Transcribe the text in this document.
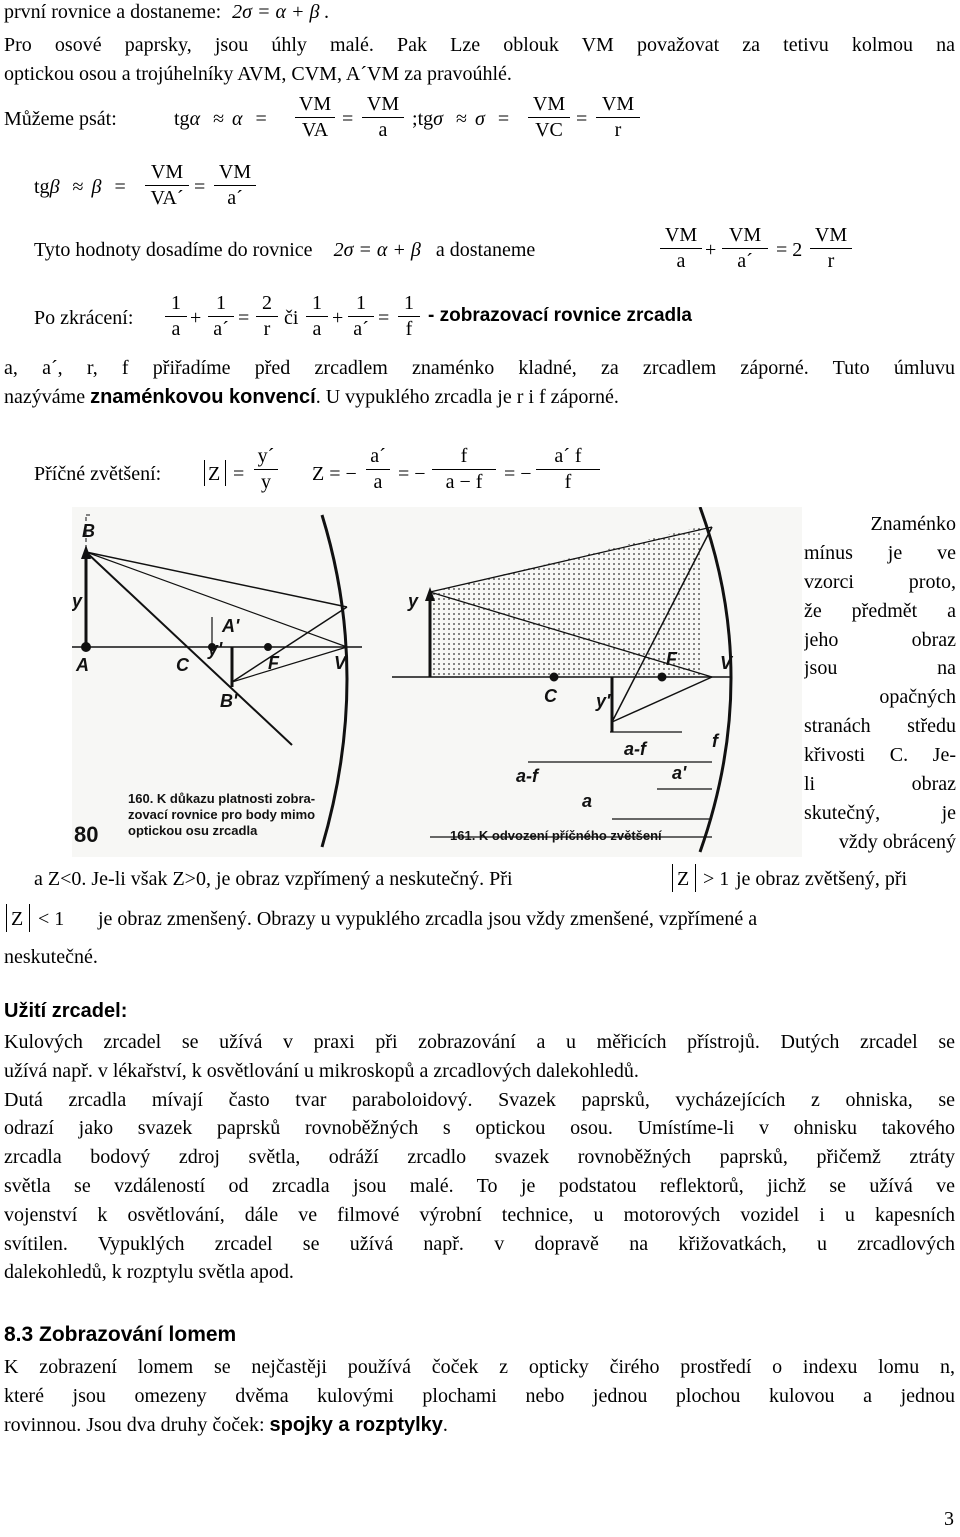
první rovnice a dostaneme: 2σ = α + β .
Pro osové paprsky, jsou úhly malé. Pak Lze oblouk VM považovat za tetivu kolmou na
optickou osou a trojúhelníky AVM, CVM, A´VM za pravoúhlé.
Můžeme psát:	tgα ≈ α =
VM
VA =
VM
a	;tgσ ≈ σ =
VM
VC =
VM
r
tgβ ≈ β =
VM
VA´ =
VM
a´
Tyto hodnoty dosadíme do rovnice 2σ = α + β a dostaneme
VM
a +
VM
a´	= 2
VM
r
Po zkrácení:
1
a +
1
a´ =
2
r či
1
a +
1
a´ =
1
f
- zobrazovací rovnice zrcadla
a, a´, r, f přiřadíme před zrcadlem znaménko kladné, za zrcadlem záporné. Tuto úmluvu
nazýváme znaménkovou konvencí. U vypuklého zrcadla je r i f záporné.
Příčné zvětšení: Z =
y´
y	Z = −
a´
a = −
f
a − f	= −
a´ f
f
B
y
A
A'
y'
C	F	V
B'
y
C y'
F V
a-f
a-f
f
a'
a
160. K důkazu platnosti zobra-
zovací rovnice pro body mimo
optickou osu zrcadla	161. K odvození příčného zvětšení
80
Znaménko
mínus je ve
vzorci proto,
že předmět a
jeho obraz
jsou na
opačných
stranách středu
křivosti C. Je-
li obraz
skutečný, je
vždy obrácený
a Z<0. Je-li však Z>0, je obraz vzpřímený a neskutečný. Při	Z > 1 je obraz zvětšený, při
Z < 1 je obraz zmenšený. Obrazy u vypuklého zrcadla jsou vždy zmenšené, vzpřímené a
neskutečné.
Užití zrcadel:
Kulových zrcadel se užívá v praxi při zobrazování a u měřicích přístrojů. Dutých zrcadel se
užívá např. v lékařství, k osvětlování u mikroskopů a zrcadlových dalekohledů.
Dutá zrcadla mívají často tvar paraboloidový. Svazek paprsků, vycházejících z ohniska, se
odrazí jako svazek paprsků rovnoběžných s optickou osou. Umístíme-li v ohnisku takového
zrcadla bodový zdroj světla, odráží zrcadlo svazek rovnoběžných paprsků, přičemž ztráty
světla se vzdáleností od zrcadla jsou malé. To je podstatou reflektorů, jichž se užívá ve
vojenství k osvětlování, dále ve filmové výrobní technice, u motorových vozidel i u kapesních
svítilen. Vypuklých zrcadel se užívá např. v dopravě na křižovatkách, u zrcadlových
dalekohledů, k rozptylu světla apod.
8.3 Zobrazování lomem
K zobrazení lomem se nejčastěji používá čoček z opticky čirého prostředí o indexu lomu n,
které jsou omezeny dvěma kulovými plochami nebo jednou plochou kulovou a jednou
rovinnou. Jsou dva druhy čoček: spojky a rozptylky.
3
